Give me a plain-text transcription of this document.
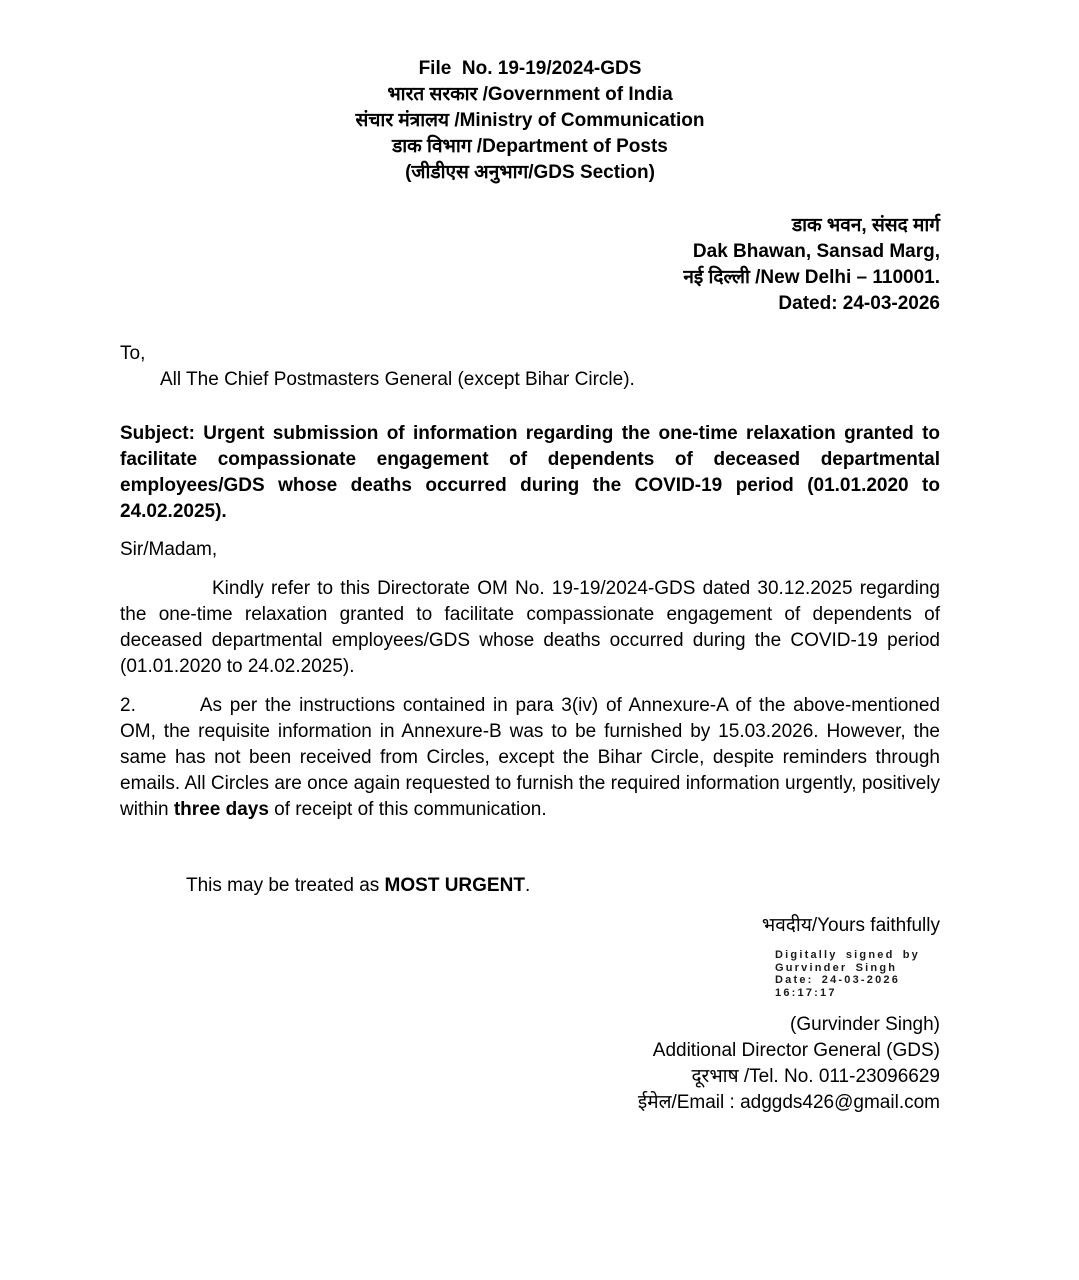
File  No. 19-19/2024-GDS
भारत सरकार /Government of India
संचार मंत्रालय /Ministry of Communication
डाक विभाग /Department of Posts
(जीडीएस अनुभाग/GDS Section)
डाक भवन, संसद मार्ग
Dak Bhawan, Sansad Marg,
नई दिल्ली /New Delhi – 110001.
Dated: 24-03-2026
To,
All The Chief Postmasters General (except Bihar Circle).

Subject: Urgent submission of information regarding the one-time relaxation granted to facilitate compassionate engagement of dependents of deceased departmental employees/GDS whose deaths occurred during the COVID-19 period (01.01.2020 to 24.02.2025).

Sir/Madam,

Kindly refer to this Directorate OM No. 19-19/2024-GDS dated 30.12.2025 regarding the one-time relaxation granted to facilitate compassionate engagement of dependents of deceased departmental employees/GDS whose deaths occurred during the COVID-19 period (01.01.2020 to 24.02.2025).

2.	As per the instructions contained in para 3(iv) of Annexure-A of the above-mentioned OM, the requisite information in Annexure-B was to be furnished by 15.03.2026. However, the same has not been received from Circles, except the Bihar Circle, despite reminders through emails. All Circles are once again requested to furnish the required information urgently, positively within three days of receipt of this communication.

This may be treated as MOST URGENT.

भवदीय/Yours faithfully
Digitally signed by
Gurvinder Singh
Date: 24-03-2026
16:17:17
(Gurvinder Singh)
Additional Director General (GDS)
दूरभाष /Tel. No. 011-23096629
ईमेल/Email : adggds426@gmail.com
